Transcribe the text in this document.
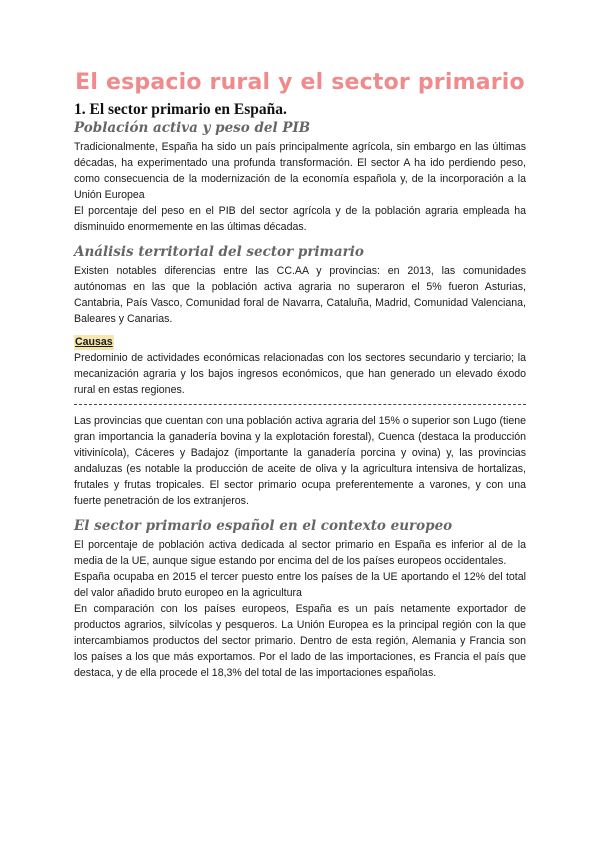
El espacio rural y el sector primario
1. El sector primario en España.
Población activa y peso del PIB

Tradicionalmente, España ha sido un país principalmente agrícola, sin embargo en las últimas décadas, ha experimentado una profunda transformación. El sector A ha ido perdiendo peso, como consecuencia de la modernización de la economía española y, de la incorporación a la Unión Europea

El porcentaje del peso en el PIB del sector agrícola y de la población agraria empleada ha disminuido enormemente en las últimas décadas.

Análisis territorial del sector primario

Existen notables diferencias entre las CC.AA y provincias: en 2013, las comunidades autónomas en las que la población activa agraria no superaron el 5% fueron Asturias, Cantabria, País Vasco, Comunidad foral de Navarra, Cataluña, Madrid, Comunidad Valenciana, Baleares y Canarias.

Causas

Predominio de actividades económicas relacionadas con los sectores secundario y terciario; la mecanización agraria y los bajos ingresos económicos, que han generado un elevado éxodo rural en estas regiones.

Las provincias que cuentan con una población activa agraria del 15% o superior son Lugo (tiene gran importancia la ganadería bovina y la explotación forestal), Cuenca (destaca la producción vitivinícola), Cáceres y Badajoz (importante la ganadería porcina y ovina) y, las provincias andaluzas (es notable la producción de aceite de oliva y la agricultura intensiva de hortalizas, frutales y frutas tropicales. El sector primario ocupa preferentemente a varones, y con una fuerte penetración de los extranjeros.

El sector primario español en el contexto europeo

El porcentaje de población activa dedicada al sector primario en España es inferior al de la media de la UE, aunque sigue estando por encima del de los países europeos occidentales.

España ocupaba en 2015 el tercer puesto entre los países de la UE aportando el 12% del total del valor añadido bruto europeo en la agricultura

En comparación con los países europeos, España es un país netamente exportador de productos agrarios, silvícolas y pesqueros. La Unión Europea es la principal región con la que intercambiamos productos del sector primario. Dentro de esta región, Alemania y Francia son los países a los que más exportamos. Por el lado de las importaciones, es Francia el país que destaca, y de ella procede el 18,3% del total de las importaciones españolas.
